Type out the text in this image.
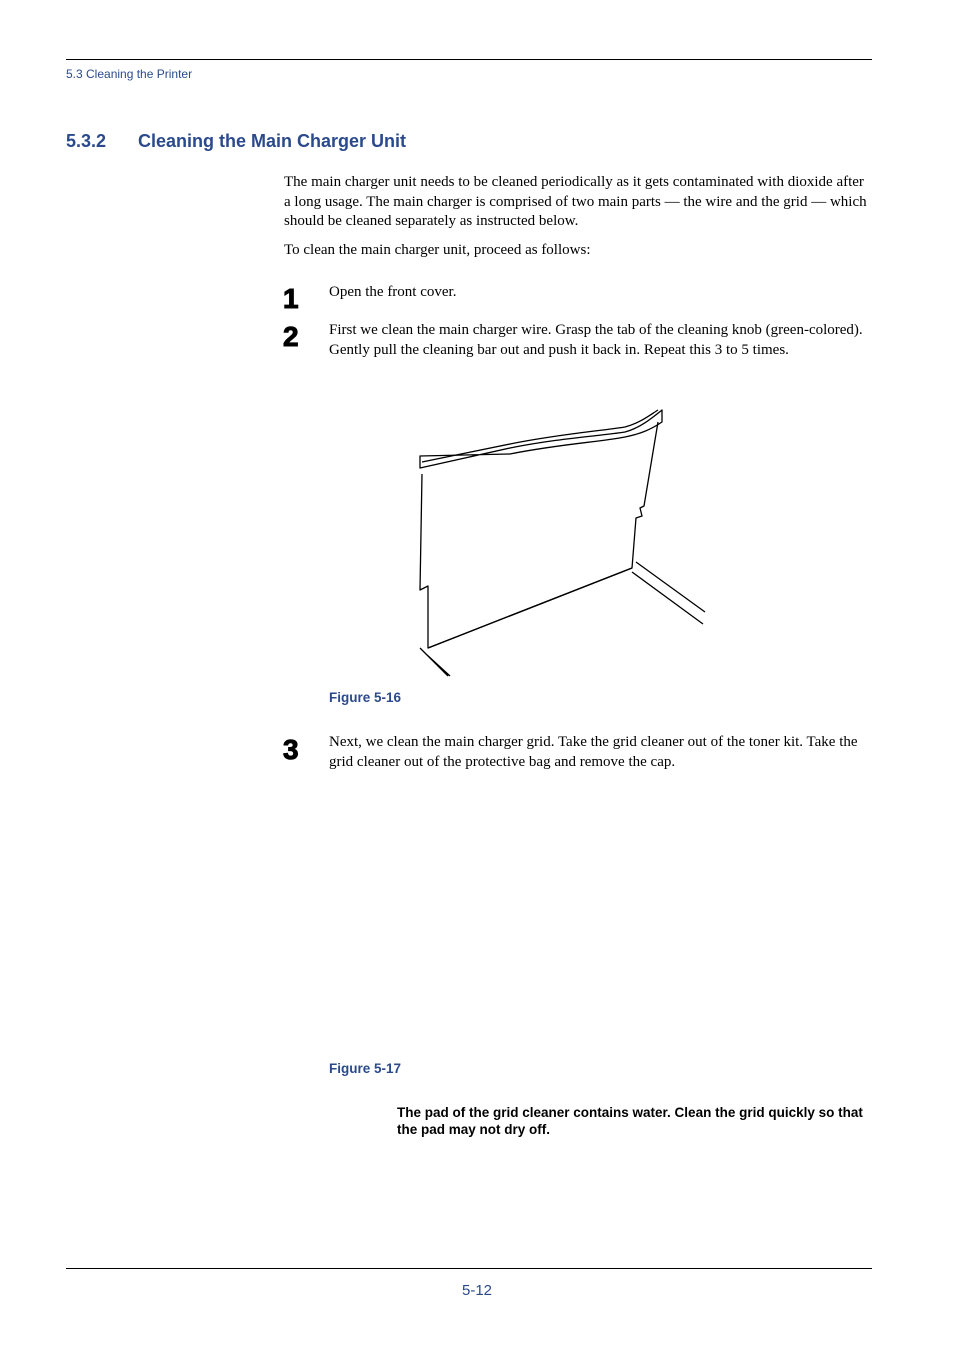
5.3 Cleaning the Printer
5.3.2 Cleaning the Main Charger Unit

The main charger unit needs to be cleaned periodically as it gets contaminated with dioxide after a long usage. The main charger is comprised of two main parts — the wire and the grid — which should be cleaned separately as instructed below.

To clean the main charger unit, proceed as follows:

1 Open the front cover.

2 First we clean the main charger wire. Grasp the tab of the cleaning knob (green-colored). Gently pull the cleaning bar out and push it back in. Repeat this 3 to 5 times.

Figure 5-16
3 Next, we clean the main charger grid. Take the grid cleaner out of the toner kit. Take the grid cleaner out of the protective bag and remove the cap.

Figure 5-17
The pad of the grid cleaner contains water. Clean the grid quickly so that the pad may not dry off.
5-12
